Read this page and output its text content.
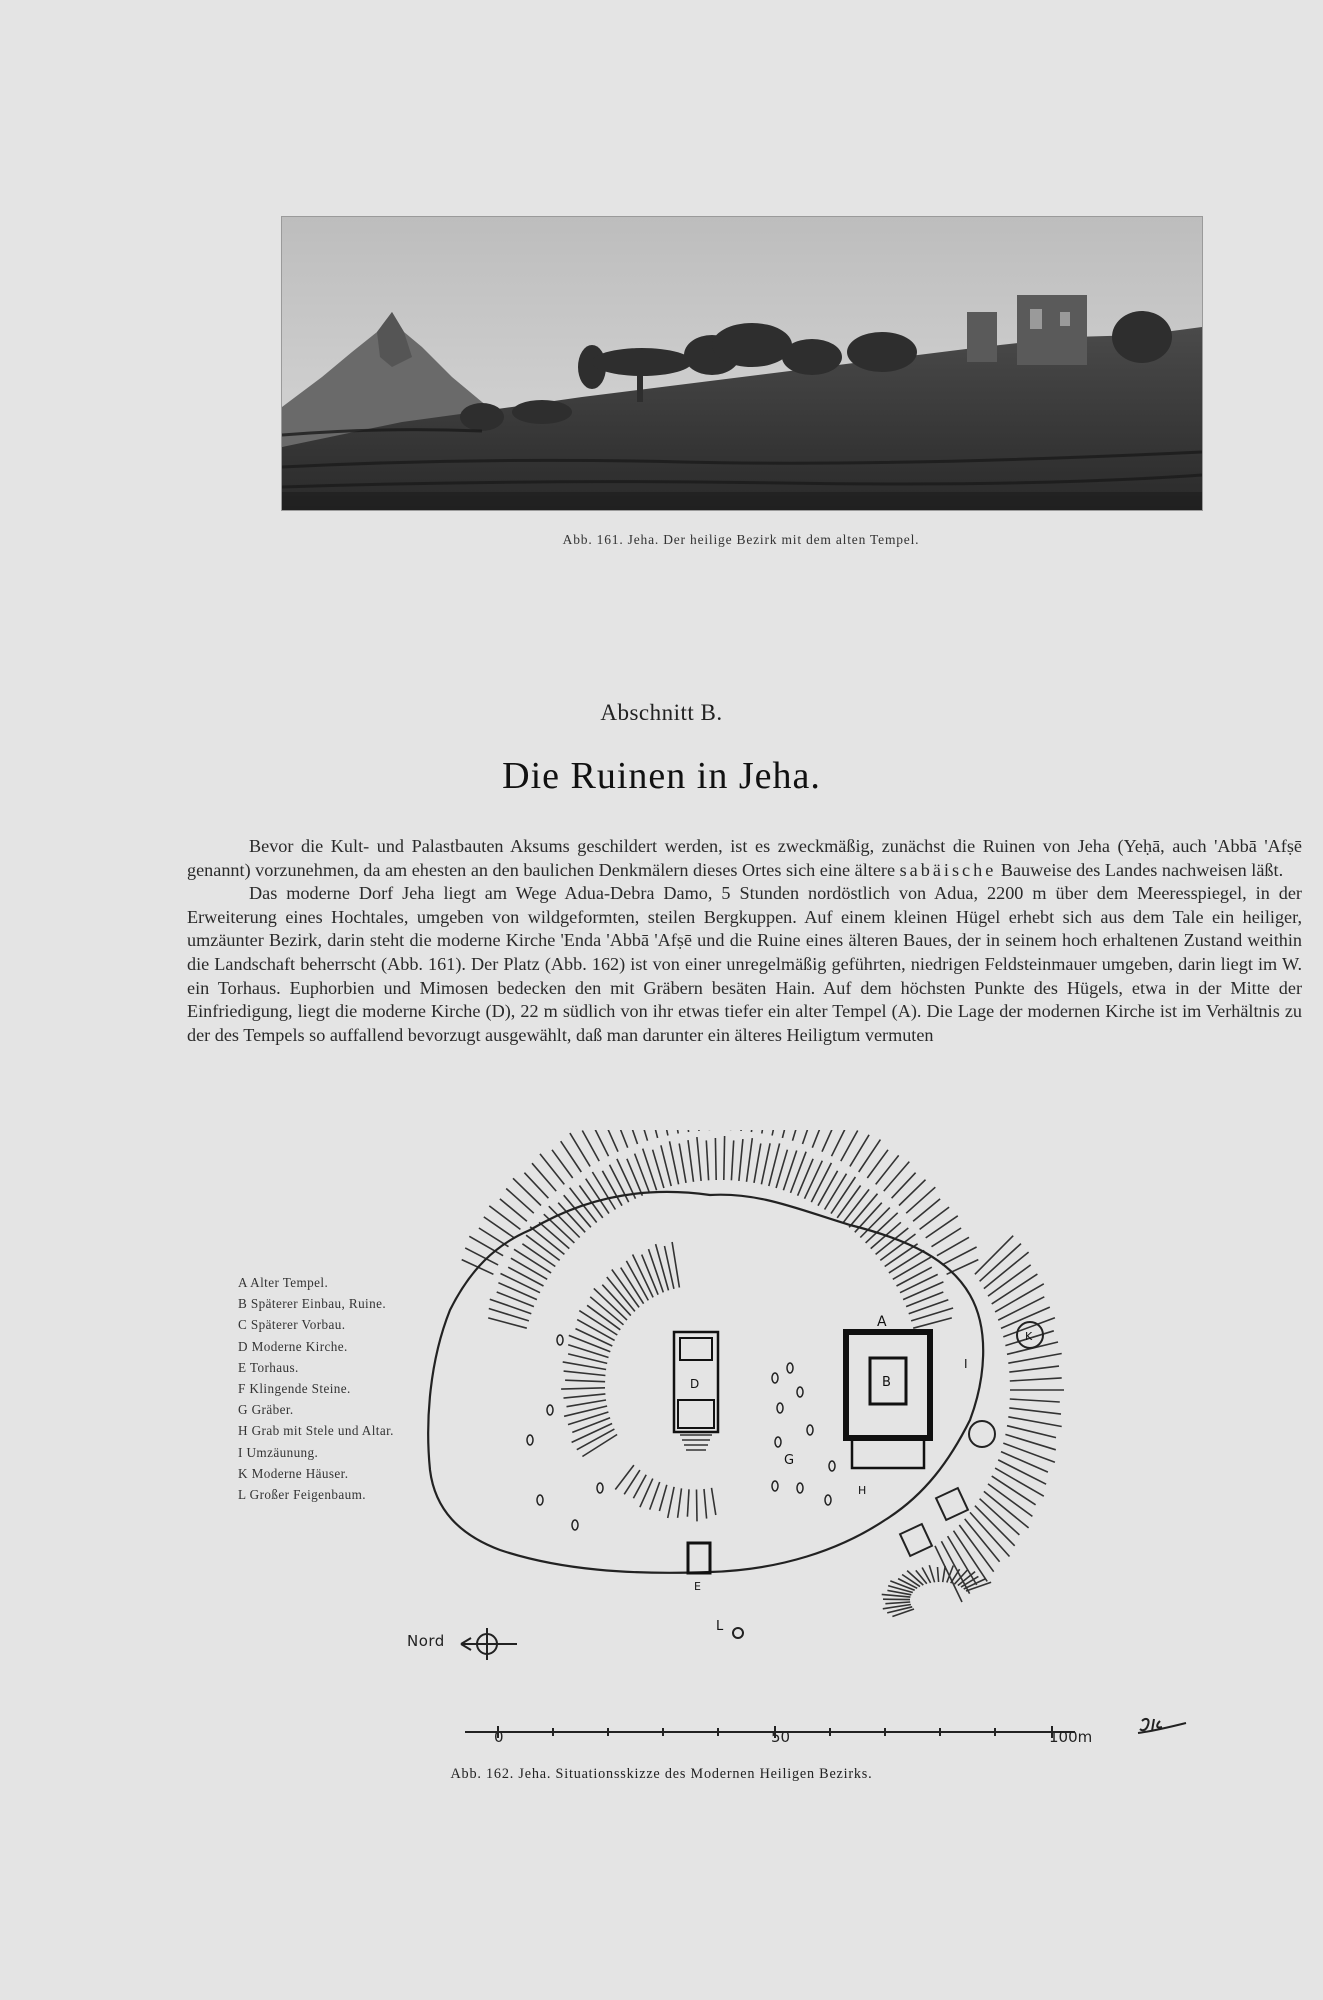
Abb. 161. Jeha. Der heilige Bezirk mit dem alten Tempel.
Abschnitt B.
Die Ruinen in Jeha.

Bevor die Kult- und Palastbauten Aksums geschildert werden, ist es zweckmäßig, zunächst die Ruinen von Jeha (Yeḥā, auch 'Abbā 'Afṣē genannt) vorzunehmen, da am ehesten an den baulichen Denkmälern dieses Ortes sich eine ältere sabäische Bauweise des Landes nachweisen läßt.

Das moderne Dorf Jeha liegt am Wege Adua-Debra Damo, 5 Stunden nordöstlich von Adua, 2200 m über dem Meeresspiegel, in der Erweiterung eines Hochtales, umgeben von wildgeformten, steilen Bergkuppen. Auf einem kleinen Hügel erhebt sich aus dem Tale ein heiliger, umzäunter Bezirk, darin steht die moderne Kirche 'Enda 'Abbā 'Afṣē und die Ruine eines älteren Baues, der in seinem hoch erhaltenen Zustand weithin die Landschaft beherrscht (Abb. 161). Der Platz (Abb. 162) ist von einer unregelmäßig geführten, niedrigen Feldsteinmauer umgeben, darin liegt im W. ein Torhaus. Euphorbien und Mimosen bedecken den mit Gräbern besäten Hain. Auf dem höchsten Punkte des Hügels, etwa in der Mitte der Einfriedigung, liegt die moderne Kirche (D), 22 m südlich von ihr etwas tiefer ein alter Tempel (A). Die Lage der modernen Kirche ist im Verhältnis zu der des Tempels so auffallend bevorzugt ausgewählt, daß man darunter ein älteres Heiligtum vermuten

A Alter Tempel.
B Späterer Einbau, Ruine.
C Späterer Vorbau.
D Moderne Kirche.
E Torhaus.
F Klingende Steine.
G Gräber.
H Grab mit Stele und Altar.
I Umzäunung.
K Moderne Häuser.
L Großer Feigenbaum.
A
B
D
G
H
L
E
K
I
Nord
0	50	100m
Abb. 162. Jeha. Situationsskizze des Modernen Heiligen Bezirks.
